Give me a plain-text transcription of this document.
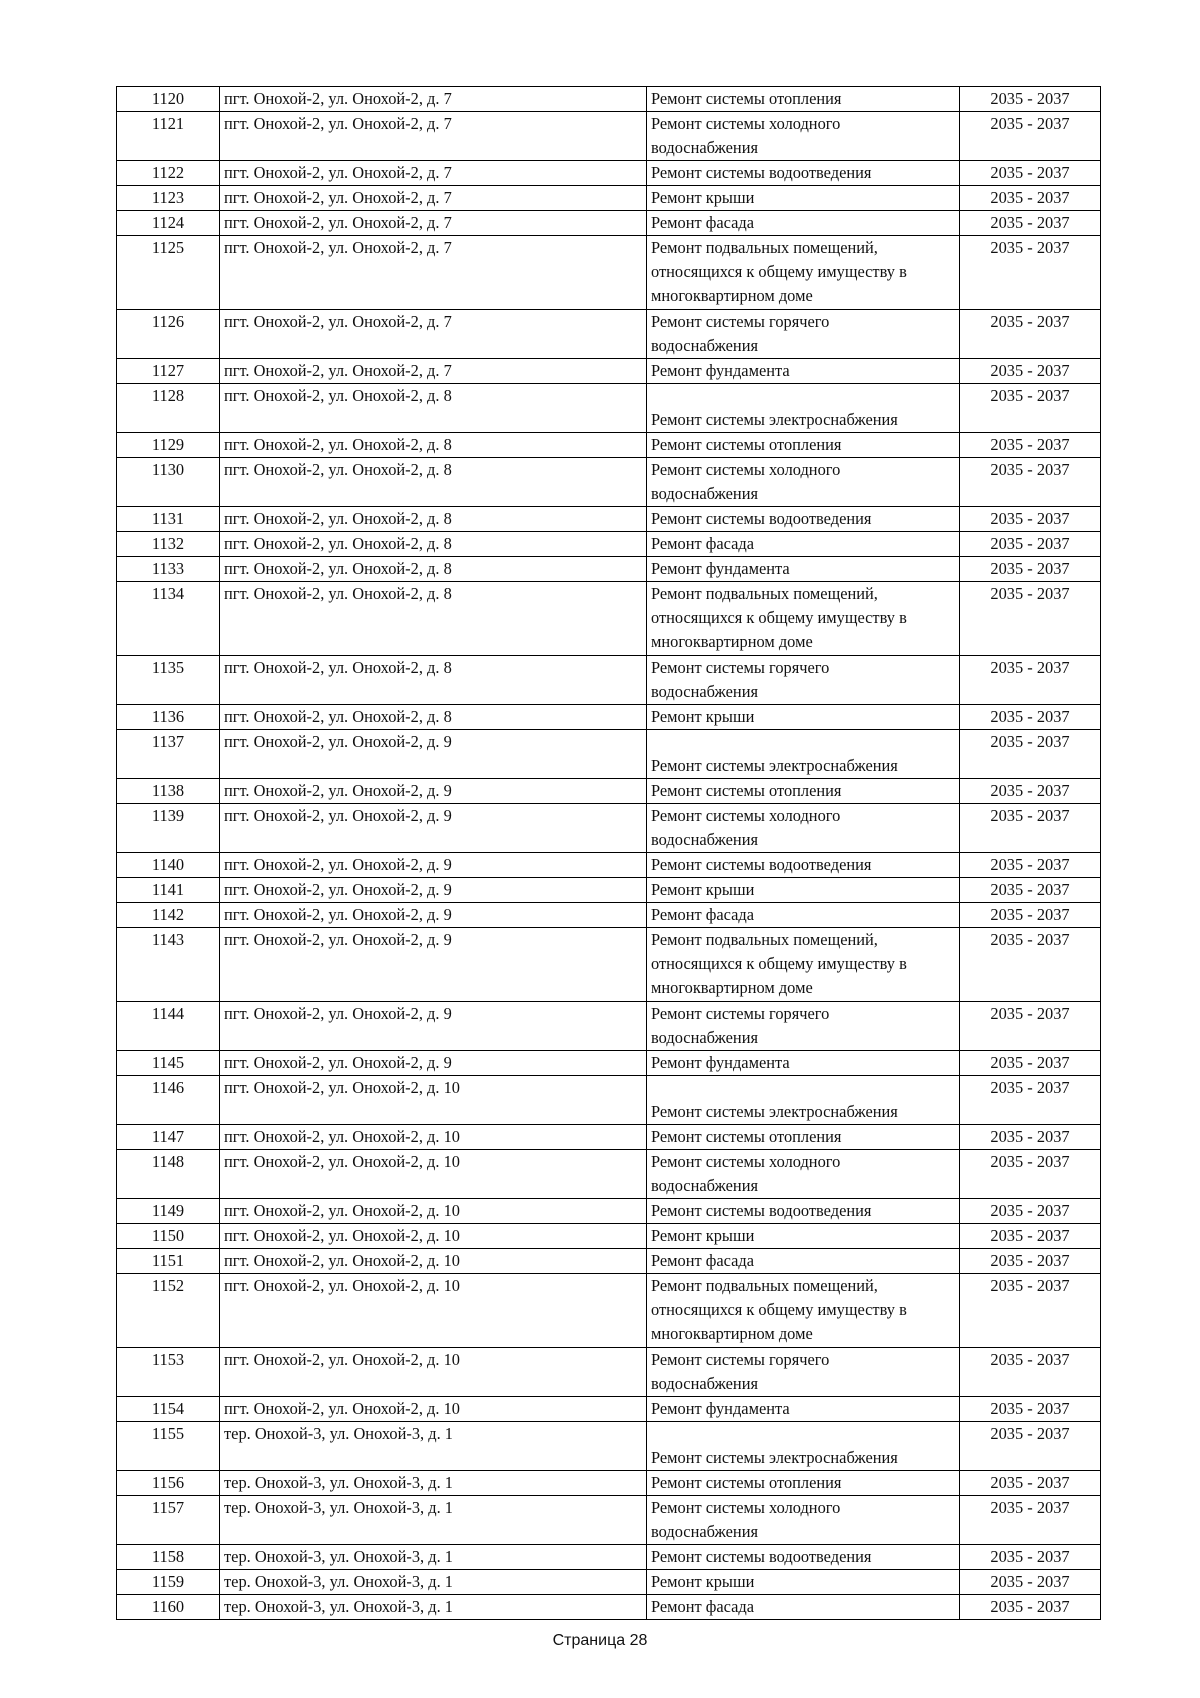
1120	пгт. Онохой-2, ул. Онохой-2, д. 7	Ремонт системы отопления	2035 - 2037
1121	пгт. Онохой-2, ул. Онохой-2, д. 7	Ремонт системы холодного
водоснабжения	2035 - 2037
1122	пгт. Онохой-2, ул. Онохой-2, д. 7	Ремонт системы водоотведения	2035 - 2037
1123	пгт. Онохой-2, ул. Онохой-2, д. 7	Ремонт крыши	2035 - 2037
1124	пгт. Онохой-2, ул. Онохой-2, д. 7	Ремонт фасада	2035 - 2037
1125	пгт. Онохой-2, ул. Онохой-2, д. 7	Ремонт подвальных помещений,
относящихся к общему имуществу в
многоквартирном доме	2035 - 2037
1126	пгт. Онохой-2, ул. Онохой-2, д. 7	Ремонт системы горячего
водоснабжения	2035 - 2037
1127	пгт. Онохой-2, ул. Онохой-2, д. 7	Ремонт фундамента	2035 - 2037
1128	пгт. Онохой-2, ул. Онохой-2, д. 8	Ремонт системы электроснабжения	2035 - 2037
1129	пгт. Онохой-2, ул. Онохой-2, д. 8	Ремонт системы отопления	2035 - 2037
1130	пгт. Онохой-2, ул. Онохой-2, д. 8	Ремонт системы холодного
водоснабжения	2035 - 2037
1131	пгт. Онохой-2, ул. Онохой-2, д. 8	Ремонт системы водоотведения	2035 - 2037
1132	пгт. Онохой-2, ул. Онохой-2, д. 8	Ремонт фасада	2035 - 2037
1133	пгт. Онохой-2, ул. Онохой-2, д. 8	Ремонт фундамента	2035 - 2037
1134	пгт. Онохой-2, ул. Онохой-2, д. 8	Ремонт подвальных помещений,
относящихся к общему имуществу в
многоквартирном доме	2035 - 2037
1135	пгт. Онохой-2, ул. Онохой-2, д. 8	Ремонт системы горячего
водоснабжения	2035 - 2037
1136	пгт. Онохой-2, ул. Онохой-2, д. 8	Ремонт крыши	2035 - 2037
1137	пгт. Онохой-2, ул. Онохой-2, д. 9	Ремонт системы электроснабжения	2035 - 2037
1138	пгт. Онохой-2, ул. Онохой-2, д. 9	Ремонт системы отопления	2035 - 2037
1139	пгт. Онохой-2, ул. Онохой-2, д. 9	Ремонт системы холодного
водоснабжения	2035 - 2037
1140	пгт. Онохой-2, ул. Онохой-2, д. 9	Ремонт системы водоотведения	2035 - 2037
1141	пгт. Онохой-2, ул. Онохой-2, д. 9	Ремонт крыши	2035 - 2037
1142	пгт. Онохой-2, ул. Онохой-2, д. 9	Ремонт фасада	2035 - 2037
1143	пгт. Онохой-2, ул. Онохой-2, д. 9	Ремонт подвальных помещений,
относящихся к общему имуществу в
многоквартирном доме	2035 - 2037
1144	пгт. Онохой-2, ул. Онохой-2, д. 9	Ремонт системы горячего
водоснабжения	2035 - 2037
1145	пгт. Онохой-2, ул. Онохой-2, д. 9	Ремонт фундамента	2035 - 2037
1146	пгт. Онохой-2, ул. Онохой-2, д. 10	Ремонт системы электроснабжения	2035 - 2037
1147	пгт. Онохой-2, ул. Онохой-2, д. 10	Ремонт системы отопления	2035 - 2037
1148	пгт. Онохой-2, ул. Онохой-2, д. 10	Ремонт системы холодного
водоснабжения	2035 - 2037
1149	пгт. Онохой-2, ул. Онохой-2, д. 10	Ремонт системы водоотведения	2035 - 2037
1150	пгт. Онохой-2, ул. Онохой-2, д. 10	Ремонт крыши	2035 - 2037
1151	пгт. Онохой-2, ул. Онохой-2, д. 10	Ремонт фасада	2035 - 2037
1152	пгт. Онохой-2, ул. Онохой-2, д. 10	Ремонт подвальных помещений,
относящихся к общему имуществу в
многоквартирном доме	2035 - 2037
1153	пгт. Онохой-2, ул. Онохой-2, д. 10	Ремонт системы горячего
водоснабжения	2035 - 2037
1154	пгт. Онохой-2, ул. Онохой-2, д. 10	Ремонт фундамента	2035 - 2037
1155	тер. Онохой-3, ул. Онохой-3, д. 1	Ремонт системы электроснабжения	2035 - 2037
1156	тер. Онохой-3, ул. Онохой-3, д. 1	Ремонт системы отопления	2035 - 2037
1157	тер. Онохой-3, ул. Онохой-3, д. 1	Ремонт системы холодного
водоснабжения	2035 - 2037
1158	тер. Онохой-3, ул. Онохой-3, д. 1	Ремонт системы водоотведения	2035 - 2037
1159	тер. Онохой-3, ул. Онохой-3, д. 1	Ремонт крыши	2035 - 2037
1160	тер. Онохой-3, ул. Онохой-3, д. 1	Ремонт фасада	2035 - 2037
Страница 28
